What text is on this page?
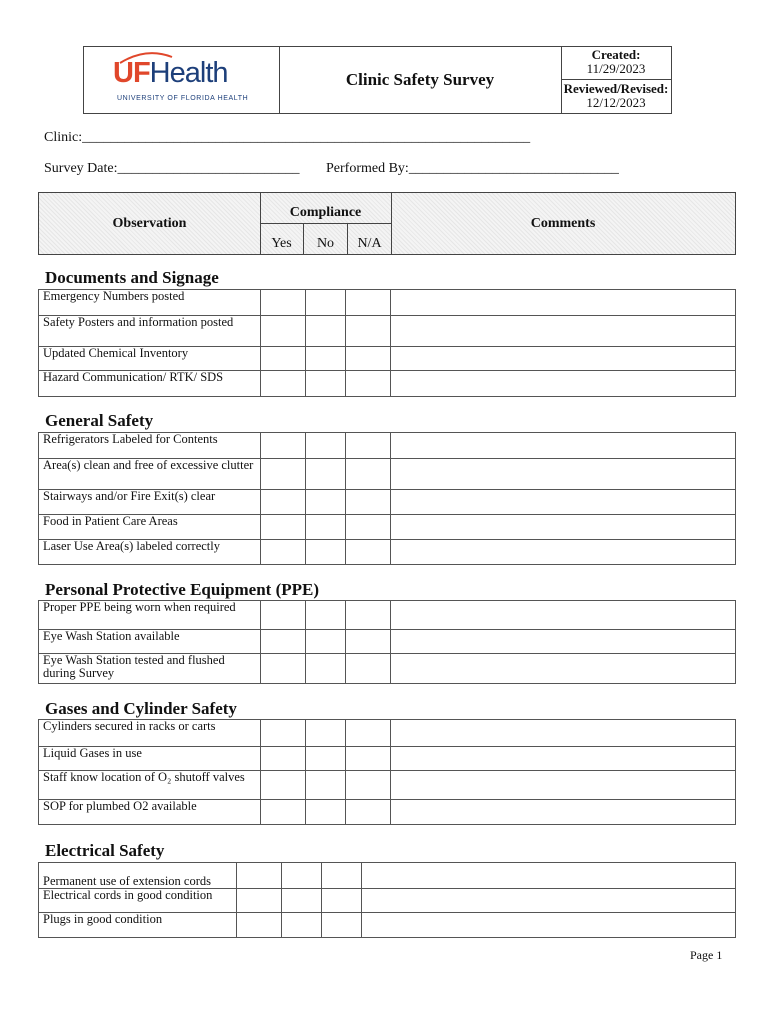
UFHealth
UNIVERSITY OF FLORIDA HEALTH
Clinic Safety Survey
Created:
11/29/2023
Reviewed/Revised:
12/12/2023
Clinic:________________________________________________________________
Survey Date:__________________________ Performed By:______________________________
Observation
Compliance
Yes	No	N/A
Comments
Documents and Signage
Emergency Numbers posted				
Safety Posters and information posted				
Updated Chemical Inventory				
Hazard Communication/ RTK/ SDS				
General Safety
Refrigerators Labeled for Contents				
Area(s) clean and free of excessive clutter				
Stairways and/or Fire Exit(s) clear				
Food in Patient Care Areas				
Laser Use Area(s) labeled correctly				
Personal Protective Equipment (PPE)
Proper PPE being worn when required				
Eye Wash Station available				
Eye Wash Station tested and flushed during Survey				
Gases and Cylinder Safety
Cylinders secured in racks or carts				
Liquid Gases in use				
Staff know location of O₂ shutoff valves				
SOP for plumbed O2 available				
Electrical Safety
Permanent use of extension cords				
Electrical cords in good condition				
Plugs in good condition				
Page 1
